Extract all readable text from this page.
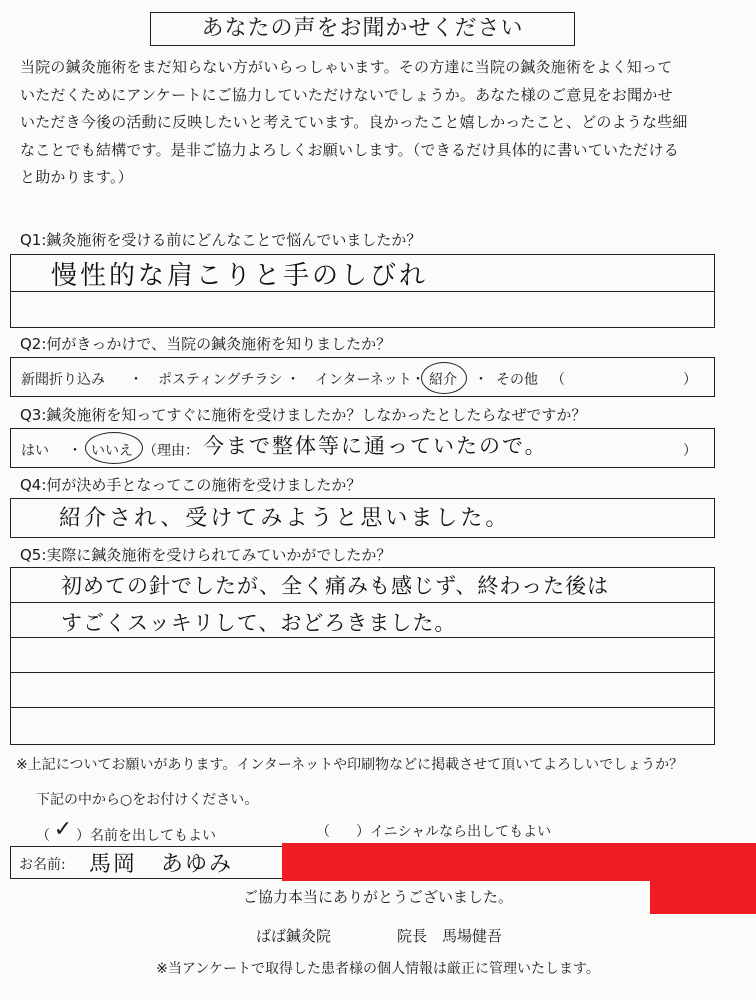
あなたの声をお聞かせください
当院の鍼灸施術をまだ知らない方がいらっしゃいます。その方達に当院の鍼灸施術をよく知って
いただくためにアンケートにご協力していただけないでしょうか。あなた様のご意見をお聞かせ
いただき今後の活動に反映したいと考えています。良かったこと嬉しかったこと、どのような些細
なことでも結構です。是非ご協力よろしくお願いします。（できるだけ具体的に書いていただける
と助かります。）
Q1:鍼灸施術を受ける前にどんなことで悩んでいましたか？
慢性的な肩こりと手のしびれ
Q2:何がきっかけで、当院の鍼灸施術を知りましたか？
新聞折り込み ・ ポスティングチラシ ・ インターネット ・ 紹介 ・ その他 （	）
Q3:鍼灸施術を知ってすぐに施術を受けましたか？しなかったとしたらなぜですか？
はい ・ いいえ （理由： 今まで整体等に通っていたので。	）
Q4:何が決め手となってこの施術を受けましたか？
紹介され、受けてみようと思いました。
Q5:実際に鍼灸施術を受けられてみていかがでしたか？
初めての針でしたが、全く痛みも感じず、終わった後は
すごくスッキリして、おどろきました。
※上記についてお願いがあります。インターネットや印刷物などに掲載させて頂いてよろしいでしょうか？
下記の中から○をお付けください。
（ ✓ ）名前を出してもよい	（ ）イニシャルなら出してもよい
お名前: 馬岡　あゆみ
ご協力本当にありがとうございました。
ばば鍼灸院	院長　馬場健吾
※当アンケートで取得した患者様の個人情報は厳正に管理いたします。
